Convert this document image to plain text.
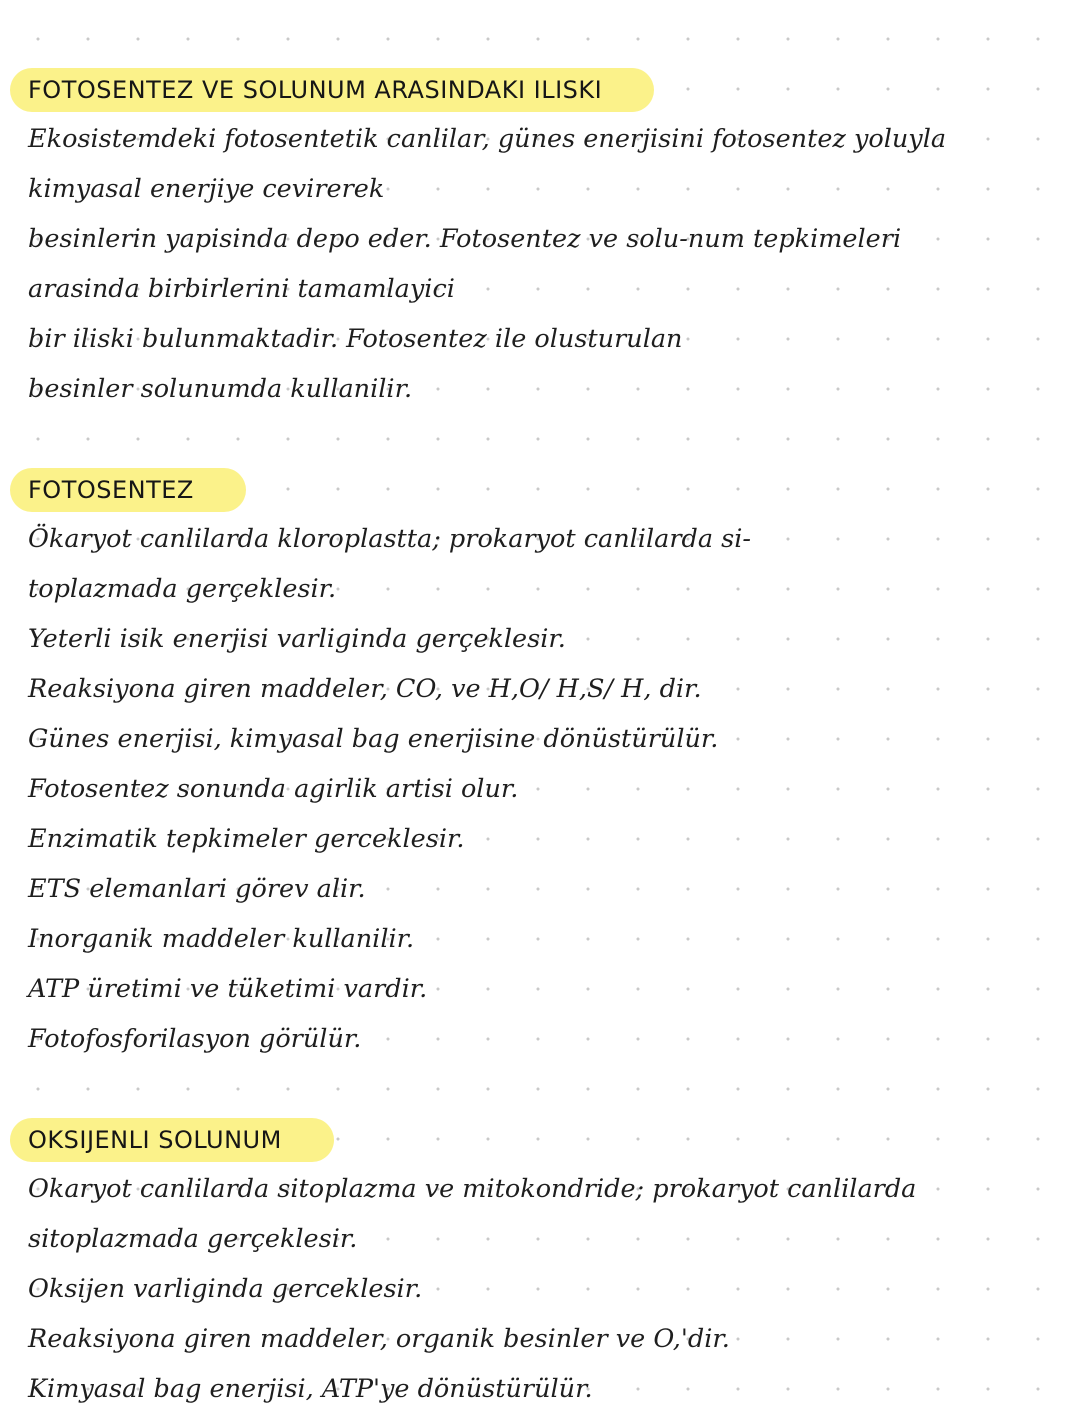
FOTOSENTEZ VE SOLUNUM ARASINDAKI ILISKI
Ekosistemdeki fotosentetik canlilar, günes enerjisini fotosentez yoluyla
kimyasal enerjiye cevirerek
besinlerin yapisinda depo eder. Fotosentez ve solu-num tepkimeleri
arasinda birbirlerini tamamlayici
bir iliski bulunmaktadir. Fotosentez ile olusturulan
besinler solunumda kullanilir.
FOTOSENTEZ
Ökaryot canlilarda kloroplastta; prokaryot canlilarda si-
toplazmada gerçeklesir.
Yeterli isik enerjisi varliginda gerçeklesir.
Reaksiyona giren maddeler, CO, ve H,O/ H,S/ H, dir.
Günes enerjisi, kimyasal bag enerjisine dönüstürülür.
Fotosentez sonunda agirlik artisi olur.
Enzimatik tepkimeler gerceklesir.
ETS elemanlari görev alir.
Inorganik maddeler kullanilir.
ATP üretimi ve tüketimi vardir.
Fotofosforilasyon görülür.
OKSIJENLI SOLUNUM
Okaryot canlilarda sitoplazma ve mitokondride; prokaryot canlilarda
sitoplazmada gerçeklesir.
Oksijen varliginda gerceklesir.
Reaksiyona giren maddeler, organik besinler ve O,'dir.
Kimyasal bag enerjisi, ATP'ye dönüstürülür.
